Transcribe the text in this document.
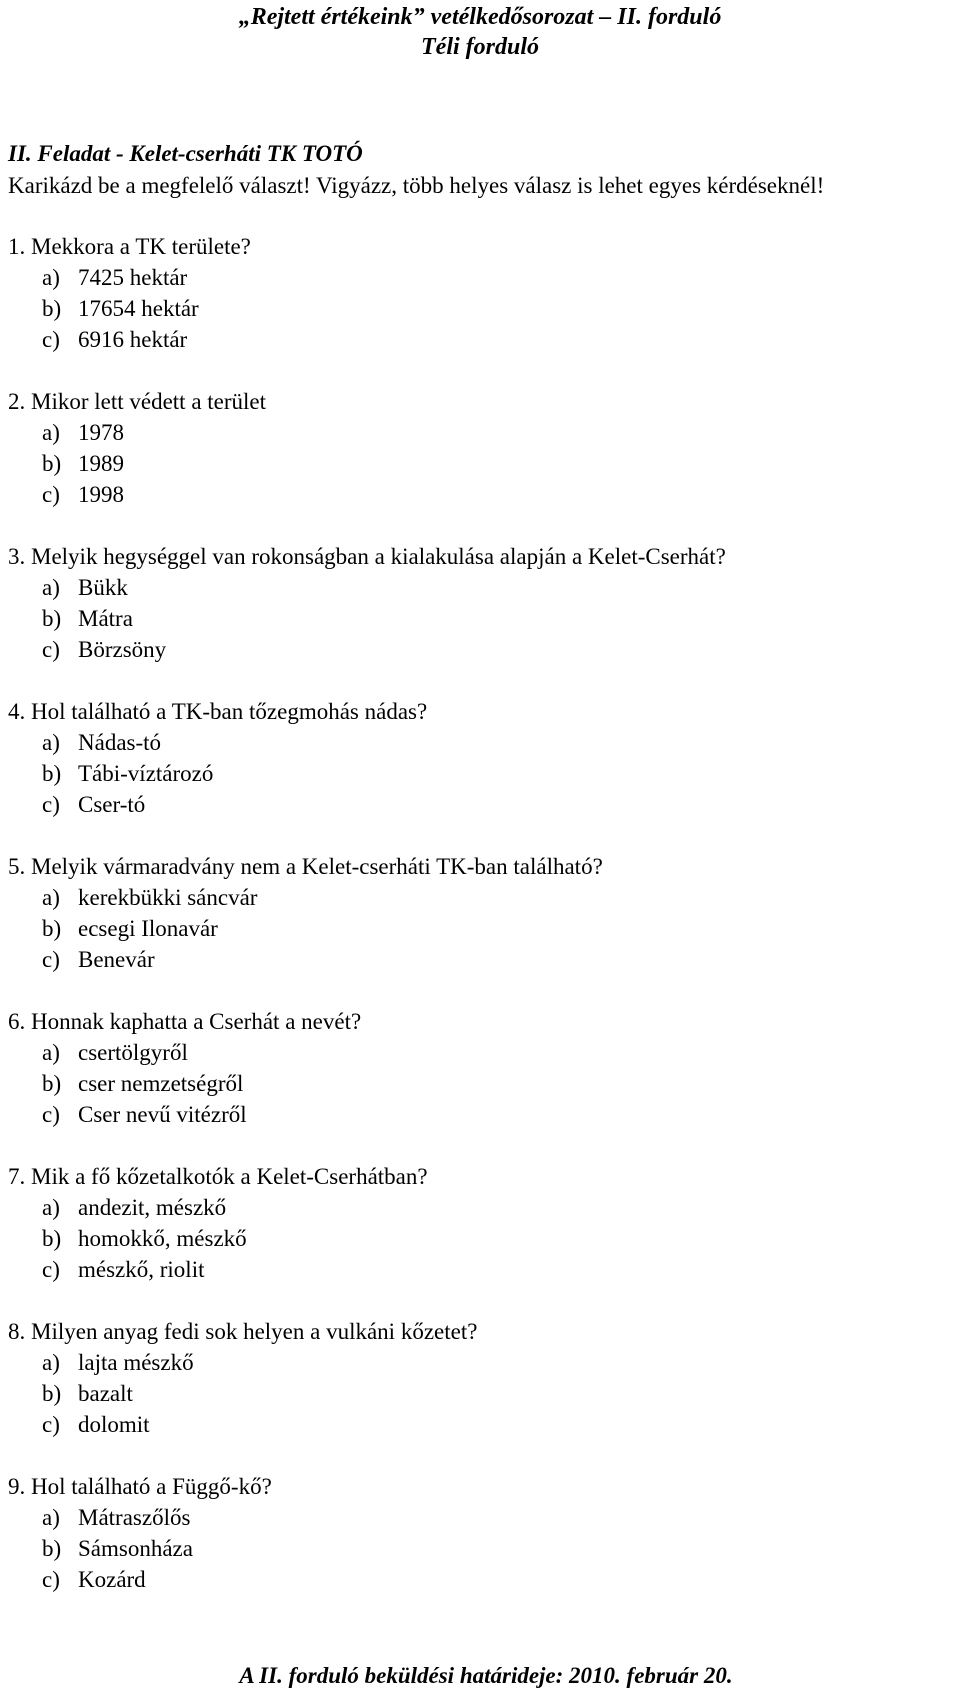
„Rejtett értékeink” vetélkedősorozat – II. forduló
Téli forduló
II. Feladat - Kelet-cserháti TK TOTÓ
Karikázd be a megfelelő választ! Vigyázz, több helyes válasz is lehet egyes kérdéseknél!
1. Mekkora a TK területe?
a) 7425 hektár
b) 17654 hektár
c) 6916 hektár
2. Mikor lett védett a terület
a) 1978
b) 1989
c) 1998
3. Melyik hegységgel van rokonságban a kialakulása alapján a Kelet-Cserhát?
a) Bükk
b) Mátra
c) Börzsöny
4. Hol található a TK-ban tőzegmohás nádas?
a) Nádas-tó
b) Tábi-víztározó
c) Cser-tó
5. Melyik vármaradvány nem a Kelet-cserháti TK-ban található?
a) kerekbükki sáncvár
b) ecsegi Ilonavár
c) Benevár
6. Honnak kaphatta a Cserhát a nevét?
a) csertölgyről
b) cser nemzetségről
c) Cser nevű vitézről
7. Mik a fő kőzetalkotók a Kelet-Cserhátban?
a) andezit, mészkő
b) homokkő, mészkő
c) mészkő, riolit
8. Milyen anyag fedi sok helyen a vulkáni kőzetet?
a) lajta mészkő
b) bazalt
c) dolomit
9. Hol található a Függő-kő?
a) Mátraszőlős
b) Sámsonháza
c) Kozárd
A II. forduló beküldési határideje: 2010. február 20.
